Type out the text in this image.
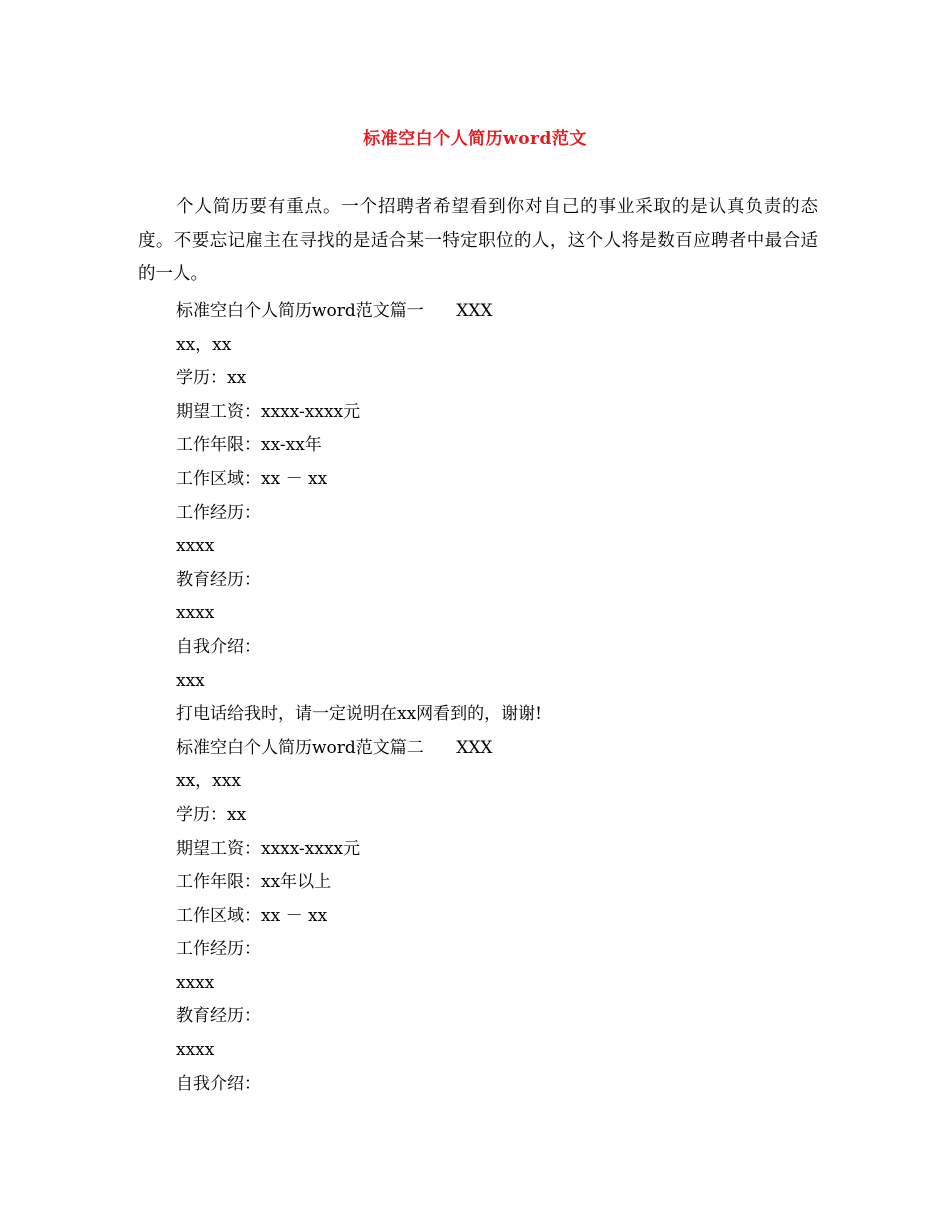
标准空白个人简历word范文
个人简历要有重点。一个招聘者希望看到你对自己的事业采取的是认真负责的态度。不要忘记雇主在寻找的是适合某一特定职位的人，这个人将是数百应聘者中最合适的一人。
标准空白个人简历word范文篇一      XXX
xx，xx
学历：xx
期望工资：xxxx-xxxx元
工作年限：xx-xx年
工作区域：xx － xx
工作经历：
xxxx
教育经历：
xxxx
自我介绍：
xxx
打电话给我时，请一定说明在xx网看到的，谢谢!
标准空白个人简历word范文篇二      XXX
xx，xxx
学历：xx
期望工资：xxxx-xxxx元
工作年限：xx年以上
工作区域：xx － xx
工作经历：
xxxx
教育经历：
xxxx
自我介绍：
